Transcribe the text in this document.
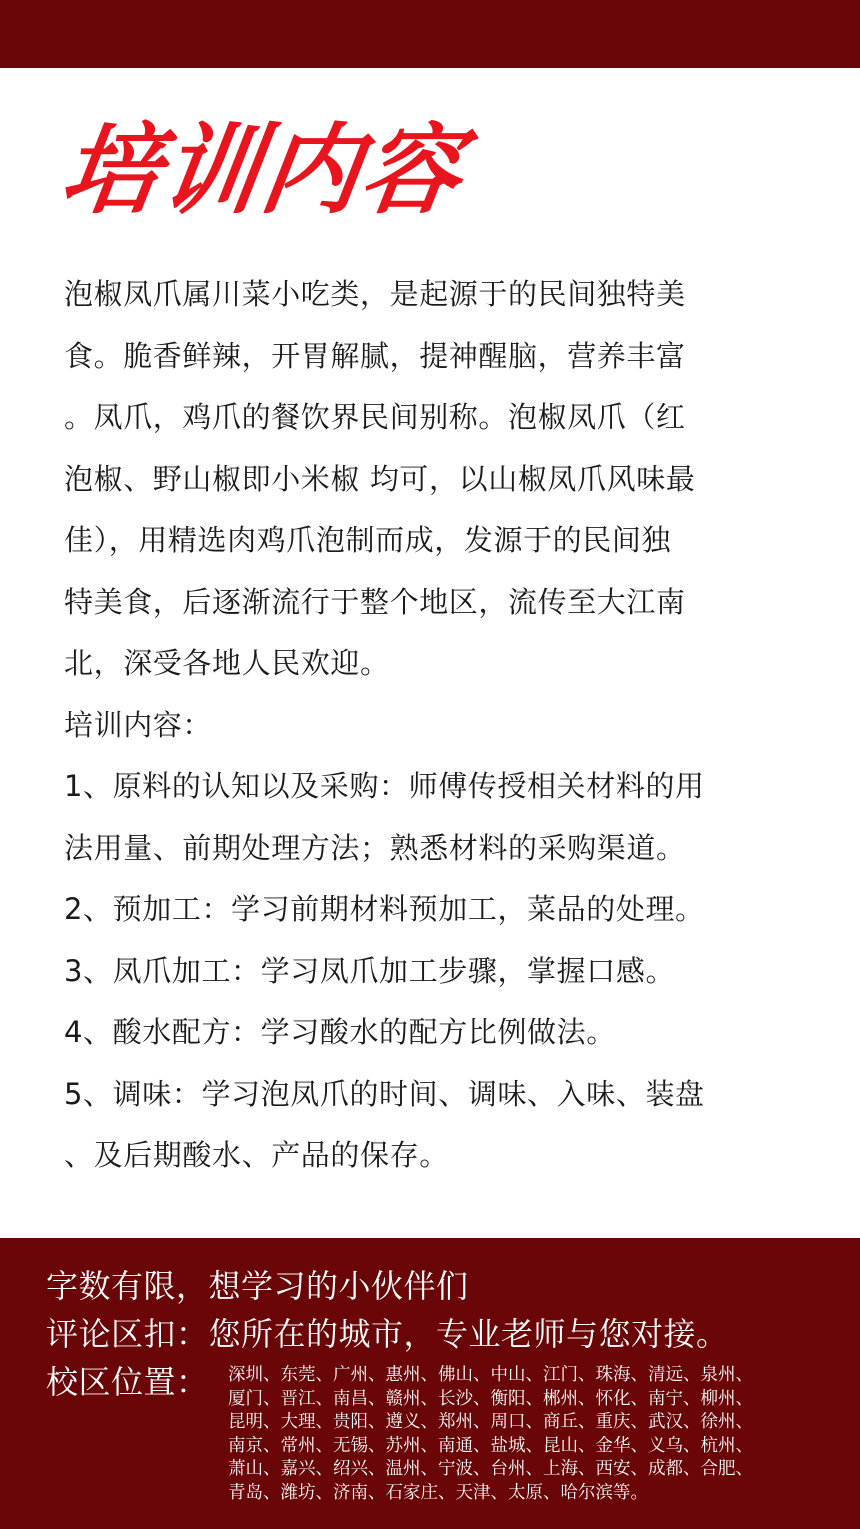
培训内容

泡椒凤爪属川菜小吃类，是起源于的民间独特美

食。脆香鲜辣，开胃解腻，提神醒脑，营养丰富

。凤爪，鸡爪的餐饮界民间别称。泡椒凤爪（红

泡椒、野山椒即小米椒 均可，以山椒凤爪风味最

佳），用精选肉鸡爪泡制而成，发源于的民间独

特美食，后逐渐流行于整个地区，流传至大江南

北，深受各地人民欢迎。

培训内容：

1、原料的认知以及采购：师傅传授相关材料的用

法用量、前期处理方法；熟悉材料的采购渠道。

2、预加工：学习前期材料预加工，菜品的处理。

3、凤爪加工：学习凤爪加工步骤，掌握口感。

4、酸水配方：学习酸水的配方比例做法。

5、调味：学习泡凤爪的时间、调味、入味、装盘

、及后期酸水、产品的保存。

字数有限，想学习的小伙伴们
评论区扣：您所在的城市，专业老师与您对接。
校区位置： 深圳、东莞、广州、惠州、佛山、中山、江门、珠海、清远、泉州、
厦门、晋江、南昌、赣州、长沙、衡阳、郴州、怀化、南宁、柳州、
昆明、大理、贵阳、遵义、郑州、周口、商丘、重庆、武汉、徐州、
南京、常州、无锡、苏州、南通、盐城、昆山、金华、义乌、杭州、
萧山、嘉兴、绍兴、温州、宁波、台州、上海、西安、成都、合肥、
青岛、潍坊、济南、石家庄、天津、太原、哈尔滨等。
